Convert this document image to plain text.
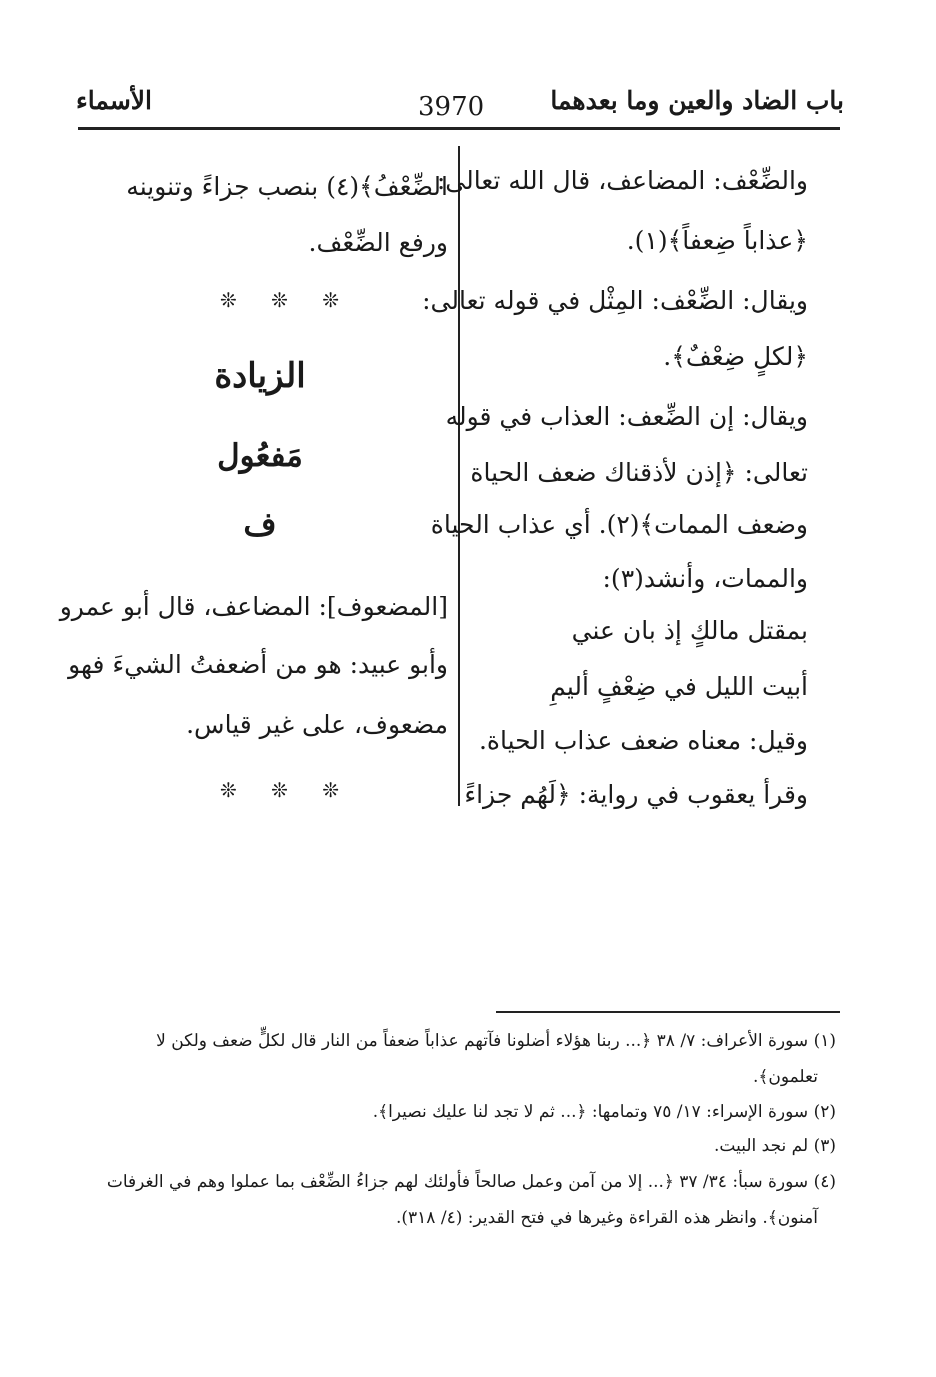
باب الضاد والعين وما بعدهما
3970
الأسماء
والضِّعْف: المضاعف، قال الله تعالى:
﴿عذاباً ضِعفاً﴾(١).
ويقال: الضِّعْف: المِثْل في قوله تعالى:
﴿لكلٍ ضِعْفٌ﴾.
ويقال: إن الضِّعف: العذاب في قوله
تعالى: ﴿إذن لأذقناك ضعف الحياة
وضعف الممات﴾(٢). أي عذاب الحياة
والممات، وأنشد(٣):
بمقتل مالكٍ إذ بان عني
أبيت الليل في ضِعْفٍ أليمِ
وقيل: معناه ضعف عذاب الحياة.
وقرأ يعقوب في رواية: ﴿لَهُم جزاءً
الضِّعْفُ﴾(٤) بنصب جزاءً وتنوينه
ورفع الضِّعْف.
❊ ❊ ❊
الزيادة
مَفعُول
ف
[المضعوف]: المضاعف، قال أبو عمرو
وأبو عبيد: هو من أضعفتُ الشيءَ فهو
مضعوف، على غير قياس.
❊ ❊ ❊
(١) سورة الأعراف: ٧/ ٣٨ ﴿... ربنا هؤلاء أضلونا فآتهم عذاباً ضعفاً من النار قال لكلٍّ ضعف ولكن لا
تعلمون﴾.
(٢) سورة الإسراء: ١٧/ ٧٥ وتمامها: ﴿... ثم لا تجد لنا عليك نصيرا﴾.
(٣) لم نجد البيت.
(٤) سورة سبأ: ٣٤/ ٣٧ ﴿... إلا من آمن وعمل صالحاً فأولئك لهم جزاءُ الضِّعْف بما عملوا وهم في الغرفات
آمنون﴾. وانظر هذه القراءة وغيرها في فتح القدير: (٤/ ٣١٨).
